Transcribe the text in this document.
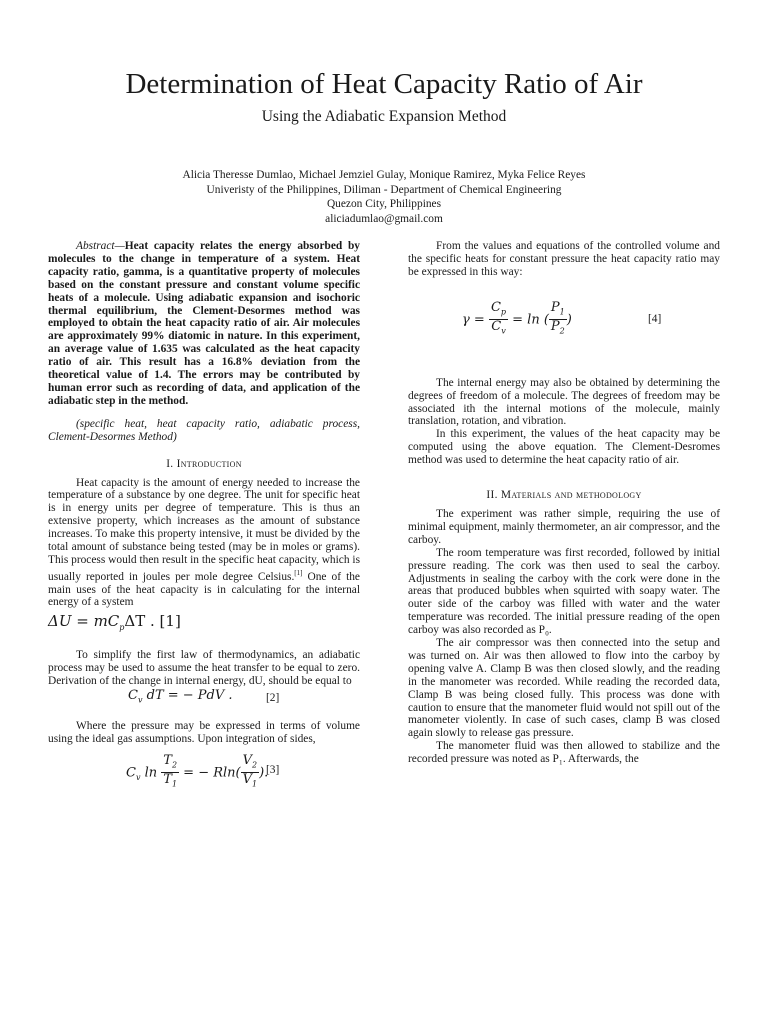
Determination of Heat Capacity Ratio of Air
Using the Adiabatic Expansion Method
Alicia Theresse Dumlao, Michael Jemziel Gulay, Monique Ramirez, Myka Felice Reyes
Univeristy of the Philippines, Diliman - Department of Chemical Engineering
Quezon City, Philippines
aliciadumlao@gmail.com

Abstract—Heat capacity relates the energy absorbed by molecules to the change in temperature of a system. Heat capacity ratio, gamma, is a quantitative property of molecules based on the constant pressure and constant volume specific heats of a molecule. Using adiabatic expansion and isochoric thermal equilibrium, the Clement-Desormes method was employed to obtain the heat capacity ratio of air. Air molecules are approximately 99% diatomic in nature. In this experiment, an average value of 1.635 was calculated as the heat capacity ratio of air. This result has a 16.8% deviation from the theoretical value of 1.4. The errors may be contributed by human error such as recording of data, and application of the adiabatic step in the method.

(specific heat, heat capacity ratio, adiabatic process, Clement-Desormes Method)

I. Introduction

Heat capacity is the amount of energy needed to increase the temperature of a substance by one degree. The unit for specific heat is in energy units per degree of temperature. This is thus an extensive property, which increases as the amount of substance increases. To make this property intensive, it must be divided by the total amount of substance being tested (may be in moles or grams). This process would then result in the specific heat capacity, which is usually reported in joules per mole degree Celsius.[1] One of the main uses of the heat capacity is in calculating for the internal energy of a system

$\Delta U = mC_p\Delta T$ . [1]

To simplify the first law of thermodynamics, an adiabatic process may be used to assume the heat transfer to be equal to zero. Derivation of the change in internal energy, dU, should be equal to

$C_v$ dT = − PdV .	[2]

Where the pressure may be expressed in terms of volume using the ideal gas assumptions. Upon integration of sides,

$C_v$ $\ln \frac{T_2}{T_1}$ = − $Rln( \frac{V_2}{V_1}$ ).
[3]

From the values and equations of the controlled volume and the specific heats for constant pressure the heat capacity ratio may be expressed in this way:

$\gamma = \frac{C_p}{C_v} = \ln$ ( $\frac{P_1}{P_2}$ )	[4]

The internal energy may also be obtained by determining the degrees of freedom of a molecule. The degrees of freedom may be associated ith the internal motions of the molecule, mainly translation, rotation, and vibration.

In this experiment, the values of the heat capacity may be computed using the above equation. The Clement-Desromes method was used to determine the heat capacity ratio of air.

II. Materials and methodology

The experiment was rather simple, requiring the use of minimal equipment, mainly thermometer, an air compressor, and the carboy.

The room temperature was first recorded, followed by initial pressure reading. The cork was then used to seal the carboy. Adjustments in sealing the carboy with the cork were done in the areas that produced bubbles when squirted with soapy water. The outer side of the carboy was filled with water and the water temperature was recorded. The initial pressure reading of the open carboy was also recorded as P₀.

The air compressor was then connected into the setup and was turned on. Air was then allowed to flow into the carboy by opening valve A. Clamp B was then closed slowly, and the reading in the manometer was recorded. While reading the recorded data, Clamp B was being closed fully. This process was done with caution to ensure that the manometer fluid would not spill out of the manometer violently. In case of such cases, clamp B was closed again slowly to release gas pressure.

The manometer fluid was then allowed to stabilize and the recorded pressure was noted as P₁. Afterwards, the
